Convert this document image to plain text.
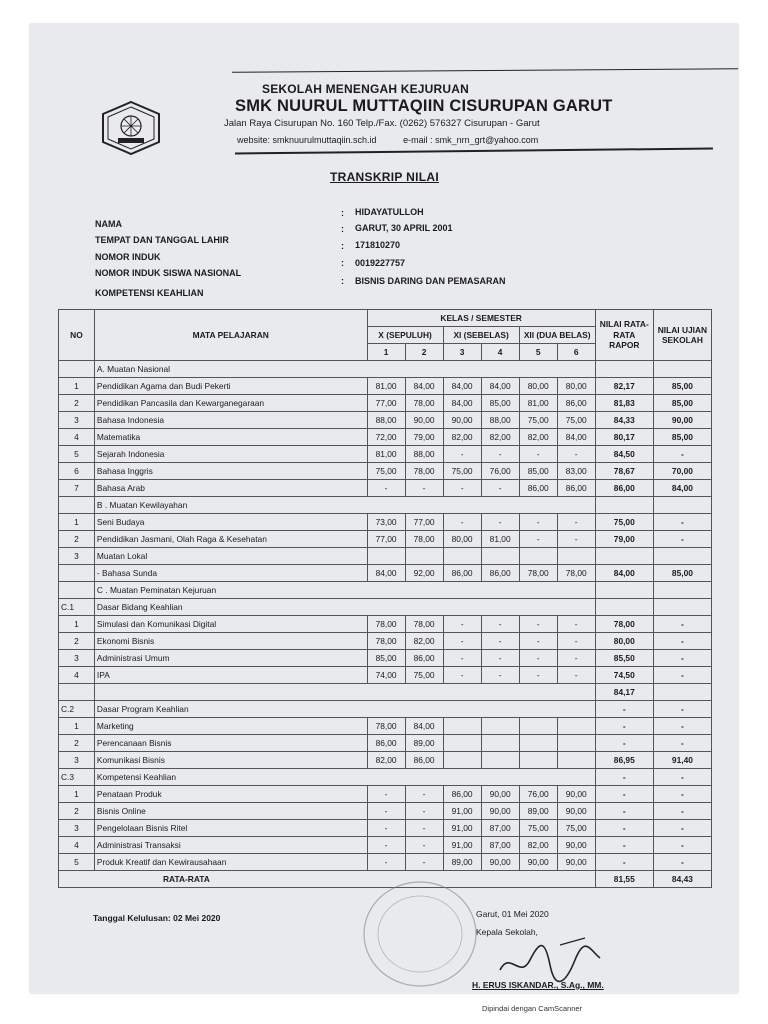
SEKOLAH MENENGAH KEJURUAN
SMK NUURUL MUTTAQIIN CISURUPAN GARUT
Jalan Raya Cisurupan No. 160 Telp./Fax. (0262) 576327 Cisurupan - Garut
website: smknuurulmuttaqiin.sch.id	e-mail : smk_nrn_grt@yahoo.com
TRANSKRIP NILAI
NAMA
: HIDAYATULLOH
TEMPAT DAN TANGGAL LAHIR
: GARUT, 30 APRIL 2001
NOMOR INDUK
: 171810270
NOMOR INDUK SISWA NASIONAL
: 0019227757
KOMPETENSI KEAHLIAN
: BISNIS DARING DAN PEMASARAN
NO	MATA PELAJARAN	KELAS / SEMESTER						NILAI RATA-RATA RAPOR	NILAI UJIAN SEKOLAH
		X (SEPULUH)		XI (SEBELAS)		XII (DUA BELAS)			
		1	2	3	4	5	6		
	A. Muatan Nasional								
1	Pendidikan Agama dan Budi Pekerti	81,00	84,00	84,00	84,00	80,00	80,00	82,17	85,00
2	Pendidikan Pancasila dan Kewarganegaraan	77,00	78,00	84,00	85,00	81,00	86,00	81,83	85,00
3	Bahasa Indonesia	88,00	90,00	90,00	88,00	75,00	75,00	84,33	90,00
4	Matematika	72,00	79,00	82,00	82,00	82,00	84,00	80,17	85,00
5	Sejarah Indonesia	81,00	88,00	-	-	-	-	84,50	-
6	Bahasa Inggris	75,00	78,00	75,00	76,00	85,00	83,00	78,67	70,00
7	Bahasa Arab	-	-	-	-	86,00	86,00	86,00	84,00
	B . Muatan Kewilayahan								
1	Seni Budaya	73,00	77,00	-	-	-	-	75,00	-
2	Pendidikan Jasmani, Olah Raga & Kesehatan	77,00	78,00	80,00	81,00	-	-	79,00	-
3	Muatan Lokal								
	- Bahasa Sunda	84,00	92,00	86,00	86,00	78,00	78,00	84,00	85,00
	C . Muatan Peminatan Kejuruan								
C.1	Dasar Bidang Keahlian								
1	Simulasi dan Komunikasi Digital	78,00	78,00	-	-	-	-	78,00	-
2	Ekonomi Bisnis	78,00	82,00	-	-	-	-	80,00	-
3	Administrasi Umum	85,00	86,00	-	-	-	-	85,50	-
4	IPA	74,00	75,00	-	-	-	-	74,50	-
								84,17	
C.2	Dasar Program Keahlian							-	-
1	Marketing	78,00	84,00					-	-
2	Perencanaan Bisnis	86,00	89,00					-	-
3	Komunikasi Bisnis	82,00	86,00					86,95	91,40
C.3	Kompetensi Keahlian							-	-
1	Penataan Produk	-	-	86,00	90,00	76,00	90,00	-	-
2	Bisnis Online	-	-	91,00	90,00	89,00	90,00	-	-
3	Pengelolaan Bisnis Ritel	-	-	91,00	87,00	75,00	75,00	-	-
4	Administrasi Transaksi	-	-	91,00	87,00	82,00	90,00	-	-
5	Produk Kreatif dan Kewirausahaan	-	-	89,00	90,00	90,00	90,00	-	-
RATA-RATA								81,55	84,43
Tanggal Kelulusan: 02 Mei 2020	Garut, 01 Mei 2020
Kepala Sekolah,
H. ERUS ISKANDAR., S.Ag., MM.
Dipindai dengan CamScanner
